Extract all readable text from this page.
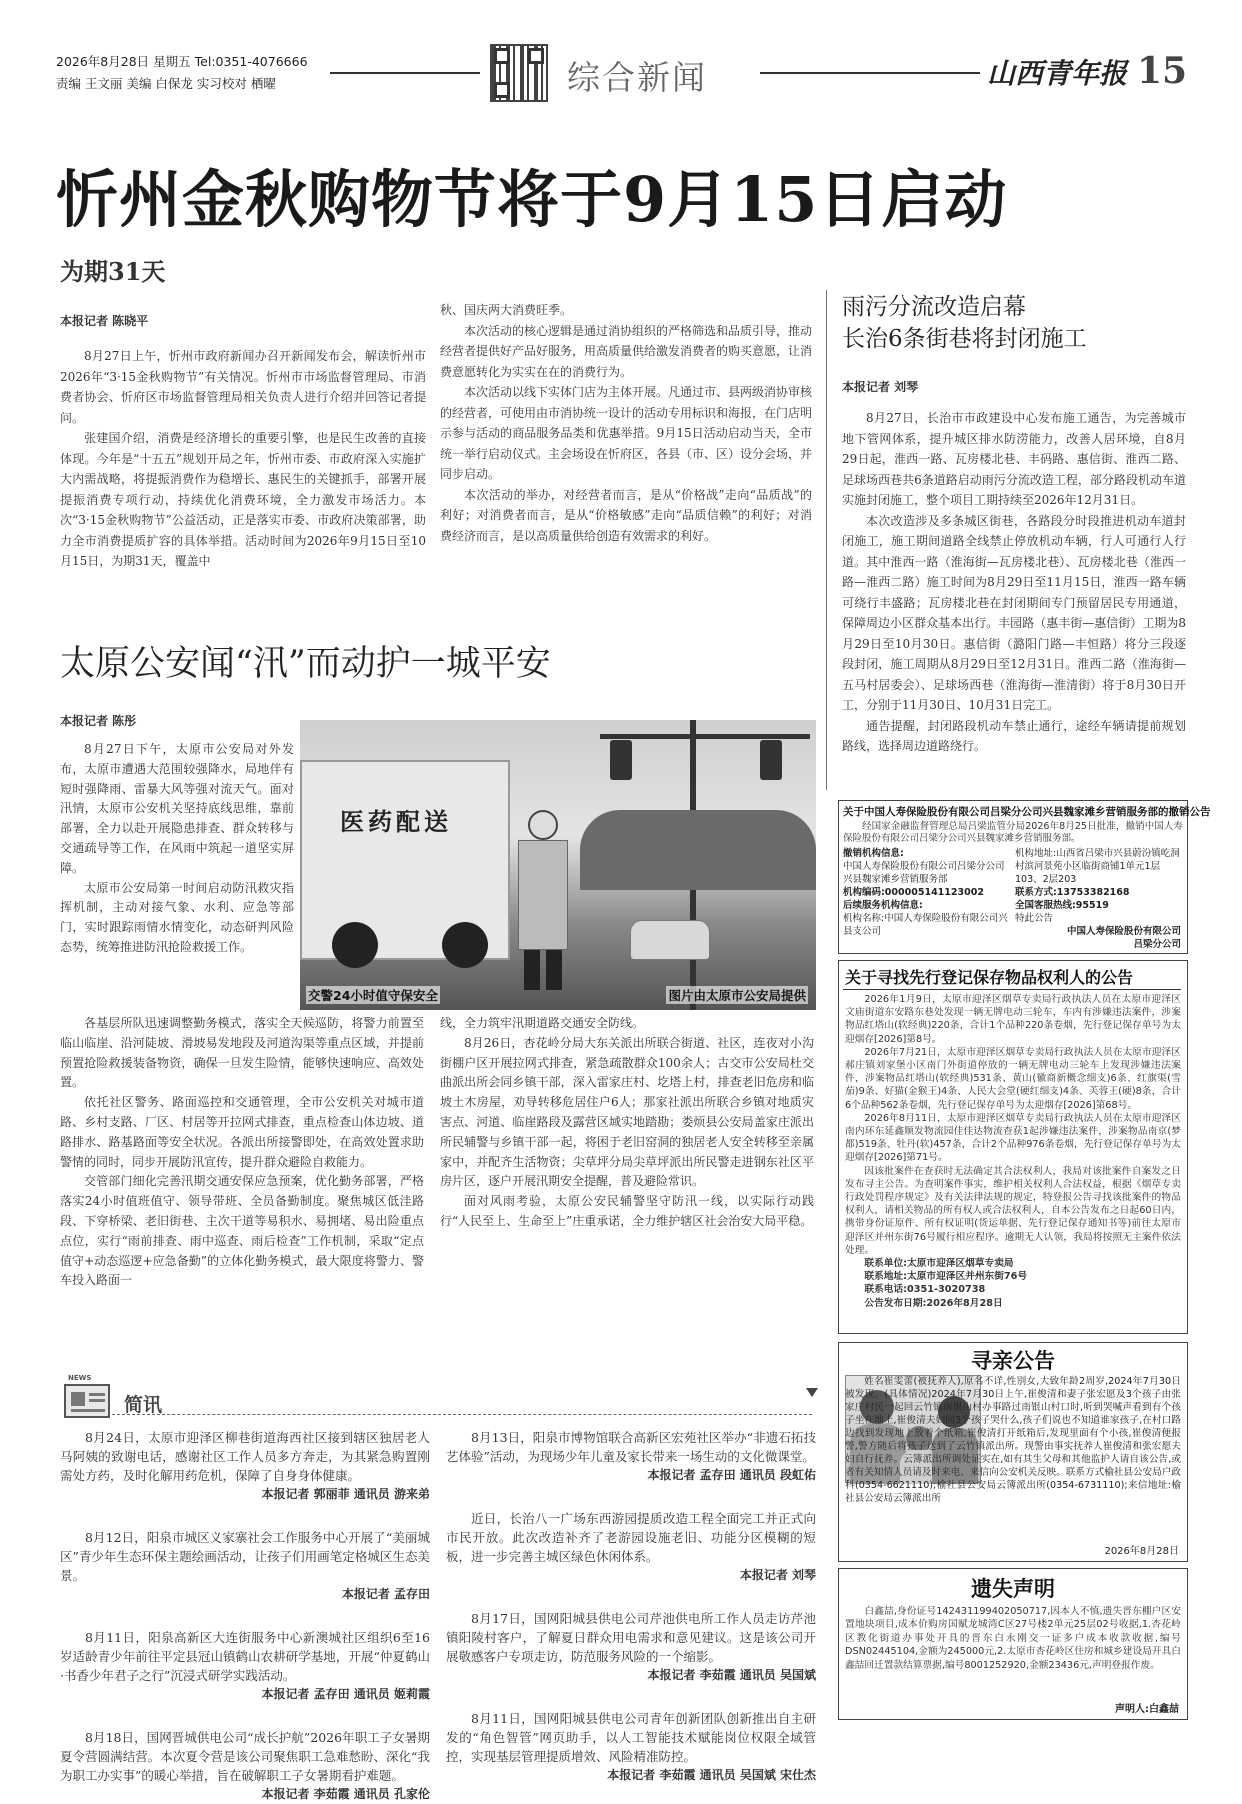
2026年8月28日 星期五 Tel:0351-4076666
责编 王文丽 美编 白保龙 实习校对 栖曜	综合新闻	山西青年报 15
忻州金秋购物节将于9月15日启动
为期31天
本报记者 陈晓平

8月27日上午，忻州市政府新闻办召开新闻发布会，解读忻州市2026年“3·15金秋购物节”有关情况。忻州市市场监督管理局、市消费者协会、忻府区市场监督管理局相关负责人进行介绍并回答记者提问。

张建国介绍，消费是经济增长的重要引擎，也是民生改善的直接体现。今年是“十五五”规划开局之年，忻州市委、市政府深入实施扩大内需战略，将提振消费作为稳增长、惠民生的关键抓手，部署开展提振消费专项行动，持续优化消费环境，全力激发市场活力。本次“3·15金秋购物节”公益活动，正是落实市委、市政府决策部署，助力全市消费提质扩容的具体举措。活动时间为2026年9月15日至10月15日，为期31天，覆盖中

秋、国庆两大消费旺季。

本次活动的核心逻辑是通过消协组织的严格筛选和品质引导，推动经营者提供好产品好服务，用高质量供给激发消费者的购买意愿，让消费意愿转化为实实在在的消费行为。

本次活动以线下实体门店为主体开展。凡通过市、县两级消协审核的经营者，可使用由市消协统一设计的活动专用标识和海报，在门店明示参与活动的商品服务品类和优惠举措。9月15日活动启动当天，全市统一举行启动仪式。主会场设在忻府区，各县（市、区）设分会场，并同步启动。

本次活动的举办，对经营者而言，是从“价格战”走向“品质战”的利好；对消费者而言，是从“价格敏感”走向“品质信赖”的利好；对消费经济而言，是以高质量供给创造有效需求的利好。

雨污分流改造启幕
长治6条街巷将封闭施工
本报记者 刘琴

8月27日，长治市市政建设中心发布施工通告，为完善城市地下管网体系，提升城区排水防涝能力，改善人居环境，自8月29日起，淮西一路、瓦房楼北巷、丰码路、惠信街、淮西二路、足球场西巷共6条道路启动雨污分流改造工程，部分路段机动车道实施封闭施工，整个项目工期持续至2026年12月31日。

本次改造涉及多条城区街巷，各路段分时段推进机动车道封闭施工，施工期间道路全线禁止停放机动车辆，行人可通行人行道。其中淮西一路（淮海街—瓦房楼北巷）、瓦房楼北巷（淮西一路—淮西二路）施工时间为8月29日至11月15日，淮西一路车辆可绕行丰盛路；瓦房楼北巷在封闭期间专门预留居民专用通道，保障周边小区群众基本出行。丰园路（惠丰街—惠信街）工期为8月29日至10月30日。惠信街（潞阳门路—丰恒路）将分三段逐段封闭，施工周期从8月29日至12月31日。淮西二路（淮海街—五马村居委会）、足球场西巷（淮海街—淮清街）将于8月30日开工，分别于11月30日、10月31日完工。

通告提醒，封闭路段机动车禁止通行，途经车辆请提前规划路线，选择周边道路绕行。

太原公安闻“汛”而动护一城平安
本报记者 陈彤

8月27日下午，太原市公安局对外发布，太原市遭遇大范围较强降水，局地伴有短时强降雨、雷暴大风等强对流天气。面对汛情，太原市公安机关坚持底线思维，靠前部署，全力以赴开展隐患排查、群众转移与交通疏导等工作，在风雨中筑起一道坚实屏障。

太原市公安局第一时间启动防汛救灾指挥机制，主动对接气象、水利、应急等部门，实时跟踪雨情水情变化，动态研判风险态势，统筹推进防汛抢险救援工作。

医药配送
交警24小时值守保安全	图片由太原市公安局提供

各基层所队迅速调整勤务模式，落实全天候巡防，将警力前置至临山临崖、沿河陡坡、滑坡易发地段及河道沟渠等重点区域，并提前预置抢险救援装备物资，确保一旦发生险情，能够快速响应、高效处置。

依托社区警务、路面巡控和交通管理，全市公安机关对城市道路、乡村支路、厂区、村居等开拉网式排查，重点检查山体边坡、道路排水、路基路面等安全状况。各派出所接警即处，在高效处置求助警情的同时，同步开展防汛宣传，提升群众避险自救能力。

交管部门细化完善汛期交通安保应急预案，优化勤务部署，严格落实24小时值班值守、领导带班、全员备勤制度。聚焦城区低洼路段、下穿桥梁、老旧街巷、主次干道等易积水、易拥堵、易出险重点点位，实行“雨前排查、雨中巡查、雨后检查”工作机制，采取“定点值守+动态巡逻+应急备勤”的立体化勤务模式，最大限度将警力、警车投入路面一

线，全力筑牢汛期道路交通安全防线。

8月26日，杏花岭分局大东关派出所联合街道、社区，连夜对小沟街棚户区开展拉网式排查，紧急疏散群众100余人；古交市公安局杜交曲派出所会同乡镇干部，深入雷家庄村、圪塔上村，排查老旧危房和临坡土木房屋，劝导转移危居住户6人；那家社派出所联合乡镇对地质灾害点、河道、临崖路段及露营区域实地踏勘；娄烦县公安局盖家庄派出所民辅警与乡镇干部一起，将困于老旧窑洞的独居老人安全转移至亲属家中，并配齐生活物资；尖草坪分局尖草坪派出所民警走进钢东社区平房片区，逐户开展汛期安全提醒，普及避险常识。

面对风雨考验，太原公安民辅警坚守防汛一线，以实际行动践行“人民至上、生命至上”庄重承诺，全力维护辖区社会治安大局平稳。

关于中国人寿保险股份有限公司吕梁分公司兴县魏家滩乡营销服务部的撤销公告
经国家金融监督管理总局吕梁监管分局2026年8月25日批准，撤销中国人寿保险股份有限公司吕梁分公司兴县魏家滩乡营销服务部。
撤销机构信息:
中国人寿保险股份有限公司吕梁分公司兴县魏家滩乡营销服务部
机构编码:000005141123002
后续服务机构信息:
机构名称:中国人寿保险股份有限公司兴县支公司
机构地址:山西省吕梁市兴县蔚汾镇屹洞村滨河景苑小区临街商铺1单元1层103、2层203
联系方式:13753382168
全国客服热线:95519
特此公告
中国人寿保险股份有限公司
吕梁分公司
关于寻找先行登记保存物品权利人的公告

2026年1月9日，太原市迎泽区烟草专卖局行政执法人员在太原市迎泽区文庙街道东安路东巷处发现一辆无牌电动三轮车，车内有涉嫌违法案件，涉案物品红塔山(软经典)220条，合计1个品种220条卷烟，先行登记保存单号为太迎烟存[2026]第8号。

2026年7月21日，太原市迎泽区烟草专卖局行政执法人员在太原市迎泽区郝庄镇刘家堡小区南门外街道停放的一辆无牌电动三轮车上发现涉嫌违法案件，涉案物品红塔山(软经典)531条、黄山(徽商新概念细支)6条、红旗渠(雪茄)9条、好猫(金猴王)4条、人民大会堂(硬红细支)4条、芙蓉王(硬)8条，合计6个品种562条卷烟，先行登记保存单号为太迎烟存[2026]第68号。

2026年8月11日，太原市迎泽区烟草专卖局行政执法人员在太原市迎泽区南内环东延鑫顺发物流园佳佳达物流查获1起涉嫌违法案件，涉案物品南京(梦都)519条、牡丹(软)457条，合计2个品种976条卷烟，先行登记保存单号为太迎烟存[2026]第71号。

因该批案件在查获时无法确定其合法权利人，我局对该批案件自案发之日发布寻主公告。为查明案件事实，维护相关权利人合法权益，根据《烟草专卖行政处罚程序规定》及有关法律法规的规定，特登报公告寻找该批案件的物品权利人，请相关物品的所有权人或合法权利人，自本公告发布之日起60日内，携带身份证原件、所有权证明(货运单据、先行登记保存通知书等)前往太原市迎泽区并州东街76号履行相应程序。逾期无人认领，我局将按照无主案件依法处理。

联系单位:太原市迎泽区烟草专卖局
联系地址:太原市迎泽区并州东街76号
联系电话:0351-3020738
公告发布日期:2026年8月28日
寻亲公告
姓名崔雯蕾(被抚养人),原名不详,性别女,大致年龄2周岁,2024年7月30日被发现。(具体情况)2024年7月30日上午,崔俊清和妻子张宏愿及3个孩子由张家庄村民一起回云竹镇南银山村办事路过南银山村口时,听到哭喊声看到有个孩子坐在地上,崔俊清夫妇问3个孩子哭什么,孩子们说也不知道谁家孩子,在村口路边找到发现地上放着个纸箱,崔俊清打开纸箱后,发现里面有个小孩,崔俊清便报警,警方随后将孩子送到了云竹镇派出所。现警由事实抚养人崔俊清和张宏愿夫妇自行抚养。云簿派出所调处证实在,如有其生父母和其他监护人请自该公告,或者有关知情人员请及时来电、来信向公安机关反映。联系方式榆社县公安局户政科(0354-6621110);榆社县公安局云簿派出所(0354-6731110);来信地址:榆社县公安局云簿派出所
2026年8月28日
遗失声明
白鑫喆,身份证号142431199402050717,因本人不慎,遗失晋东棚户区安置地块项目,成本价购房国赋龙城湾C区27号楼2单元25层02号收据,1.杏花岭区教化街道办事处开具的晋东白永刚交一证多户成本收款收据,编号DSN02445104,金额为245000元,2.太原市杏花岭区住房和城乡建设局开具白鑫喆回迁置款结算票据,编号8001252920,金额23436元,声明登报作废。
声明人:白鑫喆
NEWS
简讯

8月24日，太原市迎泽区柳巷街道海西社区接到辖区独居老人马阿姨的致谢电话，感谢社区工作人员多方奔走，为其紧急购置刚需处方药，及时化解用药危机，保障了自身身体健康。

本报记者 郭丽菲 通讯员 游来弟

8月12日，阳泉市城区义家寨社会工作服务中心开展了“美丽城区”青少年生态环保主题绘画活动，让孩子们用画笔定格城区生态美景。

本报记者 孟存田

8月11日，阳泉高新区大连街服务中心新澳城社区组织6至16岁适龄青少年前往平定县冠山镇鹤山农耕研学基地，开展“仲夏鹤山·书香少年君子之行”沉浸式研学实践活动。

本报记者 孟存田 通讯员 姬莉霞

8月18日，国网晋城供电公司“成长护航”2026年职工子女暑期夏令营圆满结营。本次夏令营是该公司聚焦职工急难愁盼、深化“我为职工办实事”的暖心举措，旨在破解职工子女暑期看护难题。

本报记者 李茹霞 通讯员 孔家伦

8月13日，阳泉市博物馆联合高新区宏苑社区举办“非遗石拓技艺体验”活动，为现场少年儿童及家长带来一场生动的文化微课堂。

本报记者 孟存田 通讯员 段虹佑

近日，长治八一广场东西游园提质改造工程全面完工并正式向市民开放。此次改造补齐了老游园设施老旧、功能分区模糊的短板，进一步完善主城区绿色休闲体系。

本报记者 刘琴

8月17日，国网阳城县供电公司芹池供电所工作人员走访芹池镇阳陵村客户，了解夏日群众用电需求和意见建议。这是该公司开展敬感客户专项走访，防范服务风险的一个缩影。

本报记者 李茹霞 通讯员 吴国斌

8月11日，国网阳城县供电公司青年创新团队创新推出自主研发的“角色智管”网页助手，以人工智能技术赋能岗位权限全域管控，实现基层管理提质增效、风险精准防控。

本报记者 李茹霞 通讯员 吴国斌 宋仕杰
